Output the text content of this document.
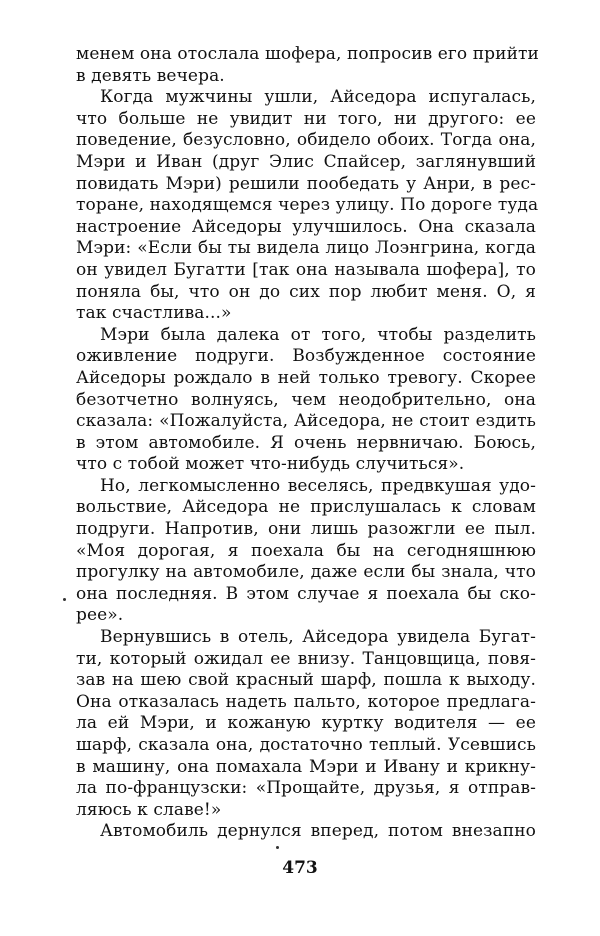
менем она отослала шофера, попросив его прийти
в девять вечера.
Когда мужчины ушли, Айседора испугалась,
что больше не увидит ни того, ни другого: ее
поведение, безусловно, обидело обоих. Тогда она,
Мэри и Иван (друг Элис Спайсер, заглянувший
повидать Мэри) решили пообедать у Анри, в рес-
торане, находящемся через улицу. По дороге туда
настроение Айседоры улучшилось. Она сказала
Мэри: «Если бы ты видела лицо Лоэнгрина, когда
он увидел Бугатти [так она называла шофера], то
поняла бы, что он до сих пор любит меня. О, я
так счастлива...»
Мэри была далека от того, чтобы разделить
оживление подруги. Возбужденное состояние
Айседоры рождало в ней только тревогу. Скорее
безотчетно волнуясь, чем неодобрительно, она
сказала: «Пожалуйста, Айседора, не стоит ездить
в этом автомобиле. Я очень нервничаю. Боюсь,
что с тобой может что-нибудь случиться».
Но, легкомысленно веселясь, предвкушая удо-
вольствие, Айседора не прислушалась к словам
подруги. Напротив, они лишь разожгли ее пыл.
«Моя дорогая, я поехала бы на сегодняшнюю
прогулку на автомобиле, даже если бы знала, что
она последняя. В этом случае я поехала бы ско-
рее».
Вернувшись в отель, Айседора увидела Бугат-
ти, который ожидал ее внизу. Танцовщица, повя-
зав на шею свой красный шарф, пошла к выходу.
Она отказалась надеть пальто, которое предлага-
ла ей Мэри, и кожаную куртку водителя — ее
шарф, сказала она, достаточно теплый. Усевшись
в машину, она помахала Мэри и Ивану и крикну-
ла по-французски: «Прощайте, друзья, я отправ-
ляюсь к славе!»
Автомобиль дернулся вперед, потом внезапно
473
